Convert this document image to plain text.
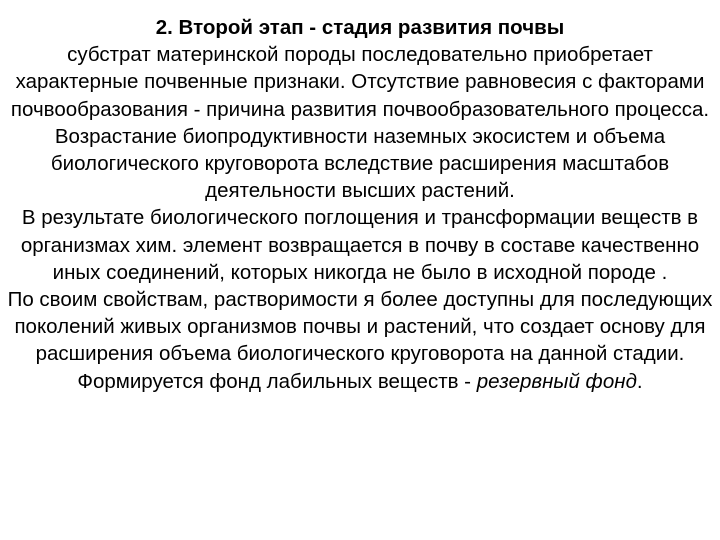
2. Второй этап - стадия развития почвы
субстрат материнской породы последовательно приобретает характерные почвенные признаки. Отсутствие равновесия с факторами почвообразования - причина развития почвообразовательного процесса.
Возрастание биопродуктивности наземных экосистем и объема биологического круговорота вследствие расширения масштабов деятельности высших растений.
В результате биологического поглощения и трансформации веществ в организмах хим. элемент возвращается в почву в составе качественно иных соединений, которых никогда не было в исходной породе .
По своим свойствам, растворимости я более доступны для последующих поколений живых организмов почвы и растений, что создает основу для расширения объема биологического круговорота на данной стадии.
Формируется фонд лабильных веществ - резервный фонд.
